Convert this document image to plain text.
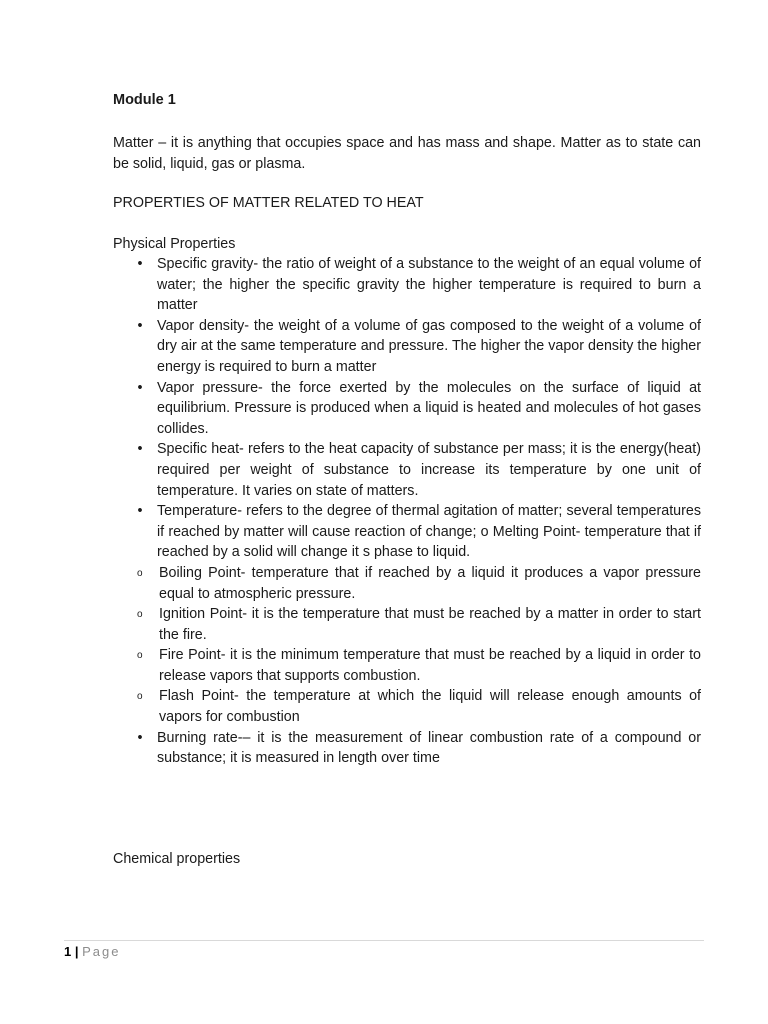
Module 1
Matter – it is anything that occupies space and has mass and shape. Matter as to state can be solid, liquid, gas or plasma.
PROPERTIES OF MATTER RELATED TO HEAT
Physical Properties
• Specific gravity- the ratio of weight of a substance to the weight of an equal volume of water; the higher the specific gravity the higher temperature is required to burn a matter
• Vapor density- the weight of a volume of gas composed to the weight of a volume of dry air at the same temperature and pressure. The higher the vapor density the higher energy is required to burn a matter
• Vapor pressure- the force exerted by the molecules on the surface of liquid at equilibrium. Pressure is produced when a liquid is heated and molecules of hot gases collides.
• Specific heat- refers to the heat capacity of substance per mass; it is the energy(heat) required per weight of substance to increase its temperature by one unit of temperature. It varies on state of matters.
• Temperature- refers to the degree of thermal agitation of matter; several temperatures if reached by matter will cause reaction of change; o Melting Point- temperature that if reached by a solid will change it s phase to liquid.
o Boiling Point- temperature that if reached by a liquid it produces a vapor pressure equal to atmospheric pressure.
o Ignition Point- it is the temperature that must be reached by a matter in order to start the fire.
o Fire Point- it is the minimum temperature that must be reached by a liquid in order to release vapors that supports combustion.
o Flash Point- the temperature at which the liquid will release enough amounts of vapors for combustion
• Burning rate-– it is the measurement of linear combustion rate of a compound or substance; it is measured in length over time
Chemical properties
1 | Page
